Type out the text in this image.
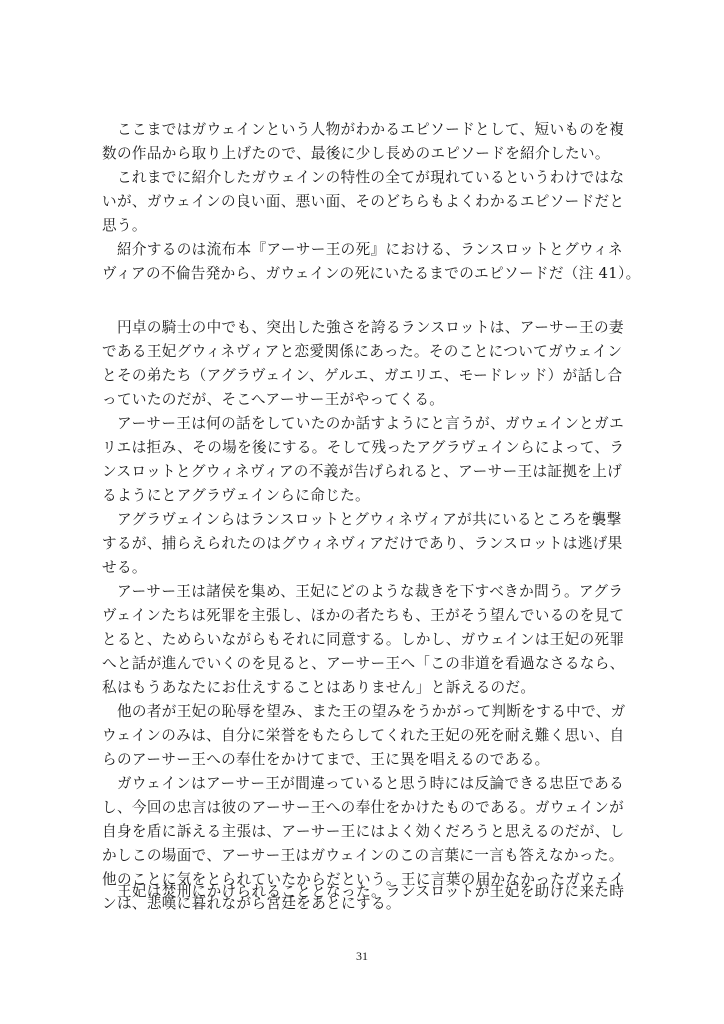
　ここまではガウェインという人物がわかるエピソードとして、短いものを複
数の作品から取り上げたので、最後に少し長めのエピソードを紹介したい。
　これまでに紹介したガウェインの特性の全てが現れているというわけではな
いが、ガウェインの良い面、悪い面、そのどちらもよくわかるエピソードだと
思う。
　紹介するのは流布本『アーサー王の死』における、ランスロットとグウィネ
ヴィアの不倫告発から、ガウェインの死にいたるまでのエピソードだ（注 41）。
　円卓の騎士の中でも、突出した強さを誇るランスロットは、アーサー王の妻
である王妃グウィネヴィアと恋愛関係にあった。そのことについてガウェイン
とその弟たち（アグラヴェイン、ゲルエ、ガエリエ、モードレッド）が話し合
っていたのだが、そこへアーサー王がやってくる。
　アーサー王は何の話をしていたのか話すようにと言うが、ガウェインとガエ
リエは拒み、その場を後にする。そして残ったアグラヴェインらによって、ラ
ンスロットとグウィネヴィアの不義が告げられると、アーサー王は証拠を上げ
るようにとアグラヴェインらに命じた。
　アグラヴェインらはランスロットとグウィネヴィアが共にいるところを襲撃
するが、捕らえられたのはグウィネヴィアだけであり、ランスロットは逃げ果
せる。
　アーサー王は諸侯を集め、王妃にどのような裁きを下すべきか問う。アグラ
ヴェインたちは死罪を主張し、ほかの者たちも、王がそう望んでいるのを見て
とると、ためらいながらもそれに同意する。しかし、ガウェインは王妃の死罪
へと話が進んでいくのを見ると、アーサー王へ「この非道を看過なさるなら、
私はもうあなたにお仕えすることはありません」と訴えるのだ。
　他の者が王妃の恥辱を望み、また王の望みをうかがって判断をする中で、ガ
ウェインのみは、自分に栄誉をもたらしてくれた王妃の死を耐え難く思い、自
らのアーサー王への奉仕をかけてまで、王に異を唱えるのである。
　ガウェインはアーサー王が間違っていると思う時には反論できる忠臣である
し、今回の忠言は彼のアーサー王への奉仕をかけたものである。ガウェインが
自身を盾に訴える主張は、アーサー王にはよく効くだろうと思えるのだが、し
かしこの場面で、アーサー王はガウェインのこの言葉に一言も答えなかった。
他のことに気をとられていたからだという。王に言葉の届かなかったガウェイ
ンは、悲嘆に暮れながら宮廷をあとにする。
　王妃は焚刑にかけられることとなった。ランスロットが王妃を助けに来た時
31
